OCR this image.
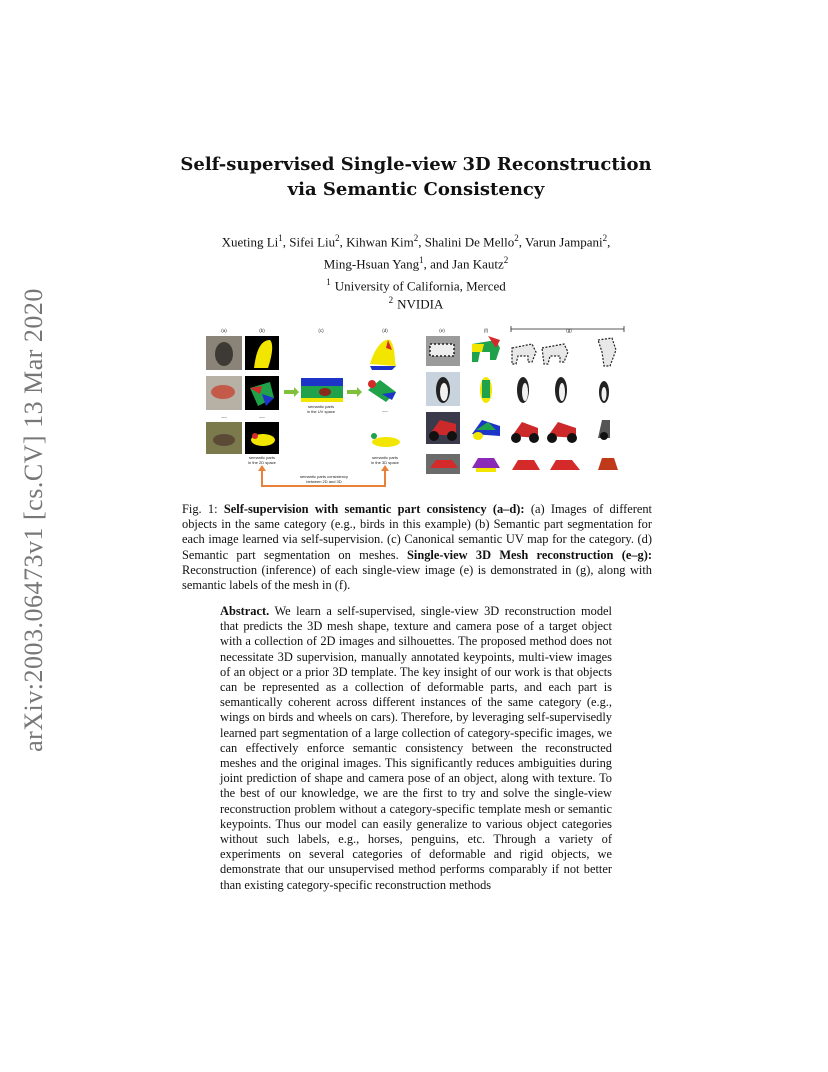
arXiv:2003.06473v1 [cs.CV] 13 Mar 2020
Self-supervised Single-view 3D Reconstruction
via Semantic Consistency
Xueting Li$^1$, Sifei Liu$^2$, Kihwan Kim$^2$, Shalini De Mello$^2$, Varun Jampani$^2$,
Ming-Hsuan Yang$^1$, and Jan Kautz$^2$
$^1$ University of California, Merced
$^2$ NVIDIA
(a)	(b)	(c)	(d)	(e)	(f)	(g)
...	...
semantic parts
in the UV space	...
semantic parts
in the 2D space
semantic parts
in the 3D space
semantic parts consistency
between 2D and 3D
Fig. 1: Self-supervision with semantic part consistency (a–d): (a) Images of different objects in the same category (e.g., birds in this example) (b) Semantic part segmentation for each image learned via self-supervision. (c) Canonical semantic UV map for the category. (d) Semantic part segmentation on meshes. Single-view 3D Mesh reconstruction (e–g): Reconstruction (inference) of each single-view image (e) is demonstrated in (g), along with semantic labels of the mesh in (f).
Abstract. We learn a self-supervised, single-view 3D reconstruction model that predicts the 3D mesh shape, texture and camera pose of a target object with a collection of 2D images and silhouettes. The proposed method does not necessitate 3D supervision, manually annotated keypoints, multi-view images of an object or a prior 3D template. The key insight of our work is that objects can be represented as a collection of deformable parts, and each part is semantically coherent across different instances of the same category (e.g., wings on birds and wheels on cars). Therefore, by leveraging self-supervisedly learned part segmentation of a large collection of category-specific images, we can effectively enforce semantic consistency between the reconstructed meshes and the original images. This significantly reduces ambiguities during joint prediction of shape and camera pose of an object, along with texture. To the best of our knowledge, we are the first to try and solve the single-view reconstruction problem without a category-specific template mesh or semantic keypoints. Thus our model can easily generalize to various object categories without such labels, e.g., horses, penguins, etc. Through a variety of experiments on several categories of deformable and rigid objects, we demonstrate that our unsupervised method performs comparably if not better than existing category-specific reconstruction methods
